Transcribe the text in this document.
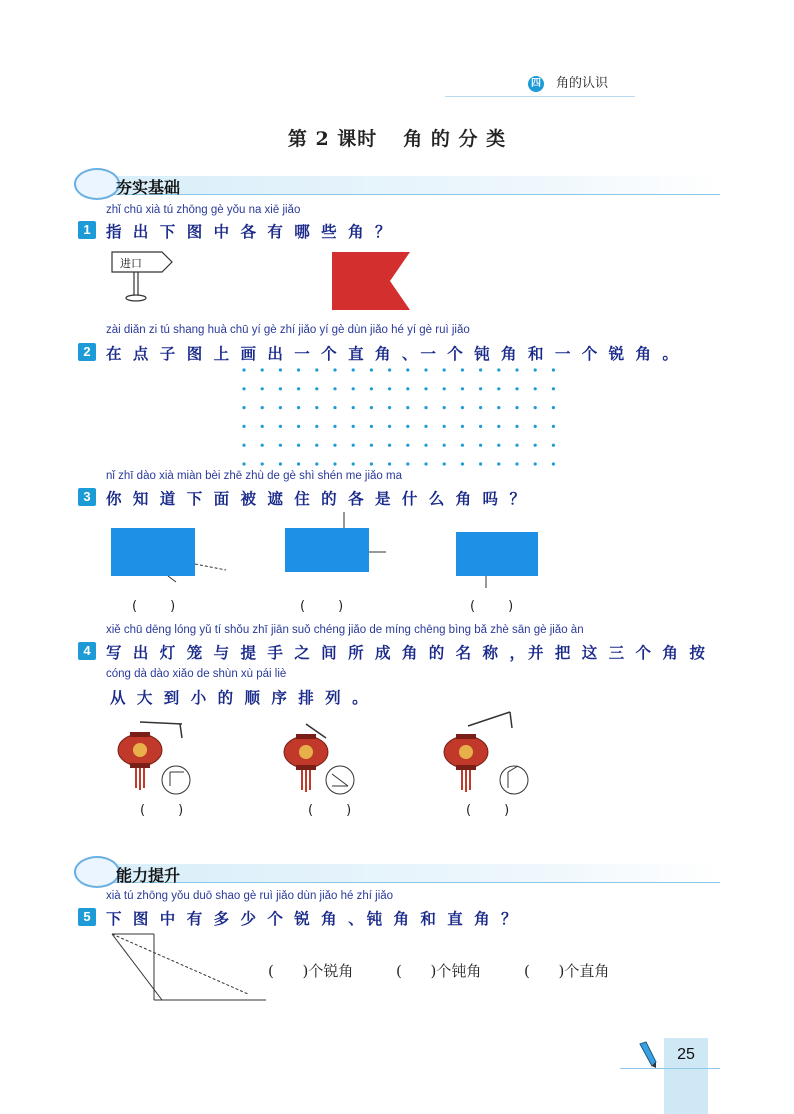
四 角的认识
第 2 课时 角 的 分 类
夯实基础
zhǐ chū xià tú zhōng gè yǒu na xiē jiǎo
1 指 出 下 图 中 各 有 哪 些 角 ？
进口
zài diǎn zi tú shang huà chū yí gè zhí jiǎo yí gè dùn jiǎo hé yí gè ruì jiǎo
2 在 点 子 图 上 画 出 一 个 直 角 、一 个 钝 角 和 一 个 锐 角 。
nǐ zhī dào xià miàn bèi zhē zhù de gè shì shén me jiǎo ma
3 你 知 道 下 面 被 遮 住 的 各 是 什 么 角 吗 ？
(        )	(        )	(        )
xiě chū dēng lóng yǔ tí shǒu zhī jiān suǒ chéng jiǎo de míng chēng bìng bǎ zhè sān gè jiǎo àn
4 写 出 灯 笼 与 提 手 之 间 所 成 角 的 名 称 ，并 把 这 三 个 角 按
cóng dà dào xiǎo de shùn xù pái liè
从 大 到 小 的 顺 序 排 列 。
(        )	(        )	(        )
能力提升
xià tú zhōng yǒu duō shao gè ruì jiǎo dùn jiǎo hé zhí jiǎo
5 下 图 中 有 多 少 个 锐 角 、钝 角 和 直 角 ？
(      )个锐角	(      )个钝角	(      )个直角
25
